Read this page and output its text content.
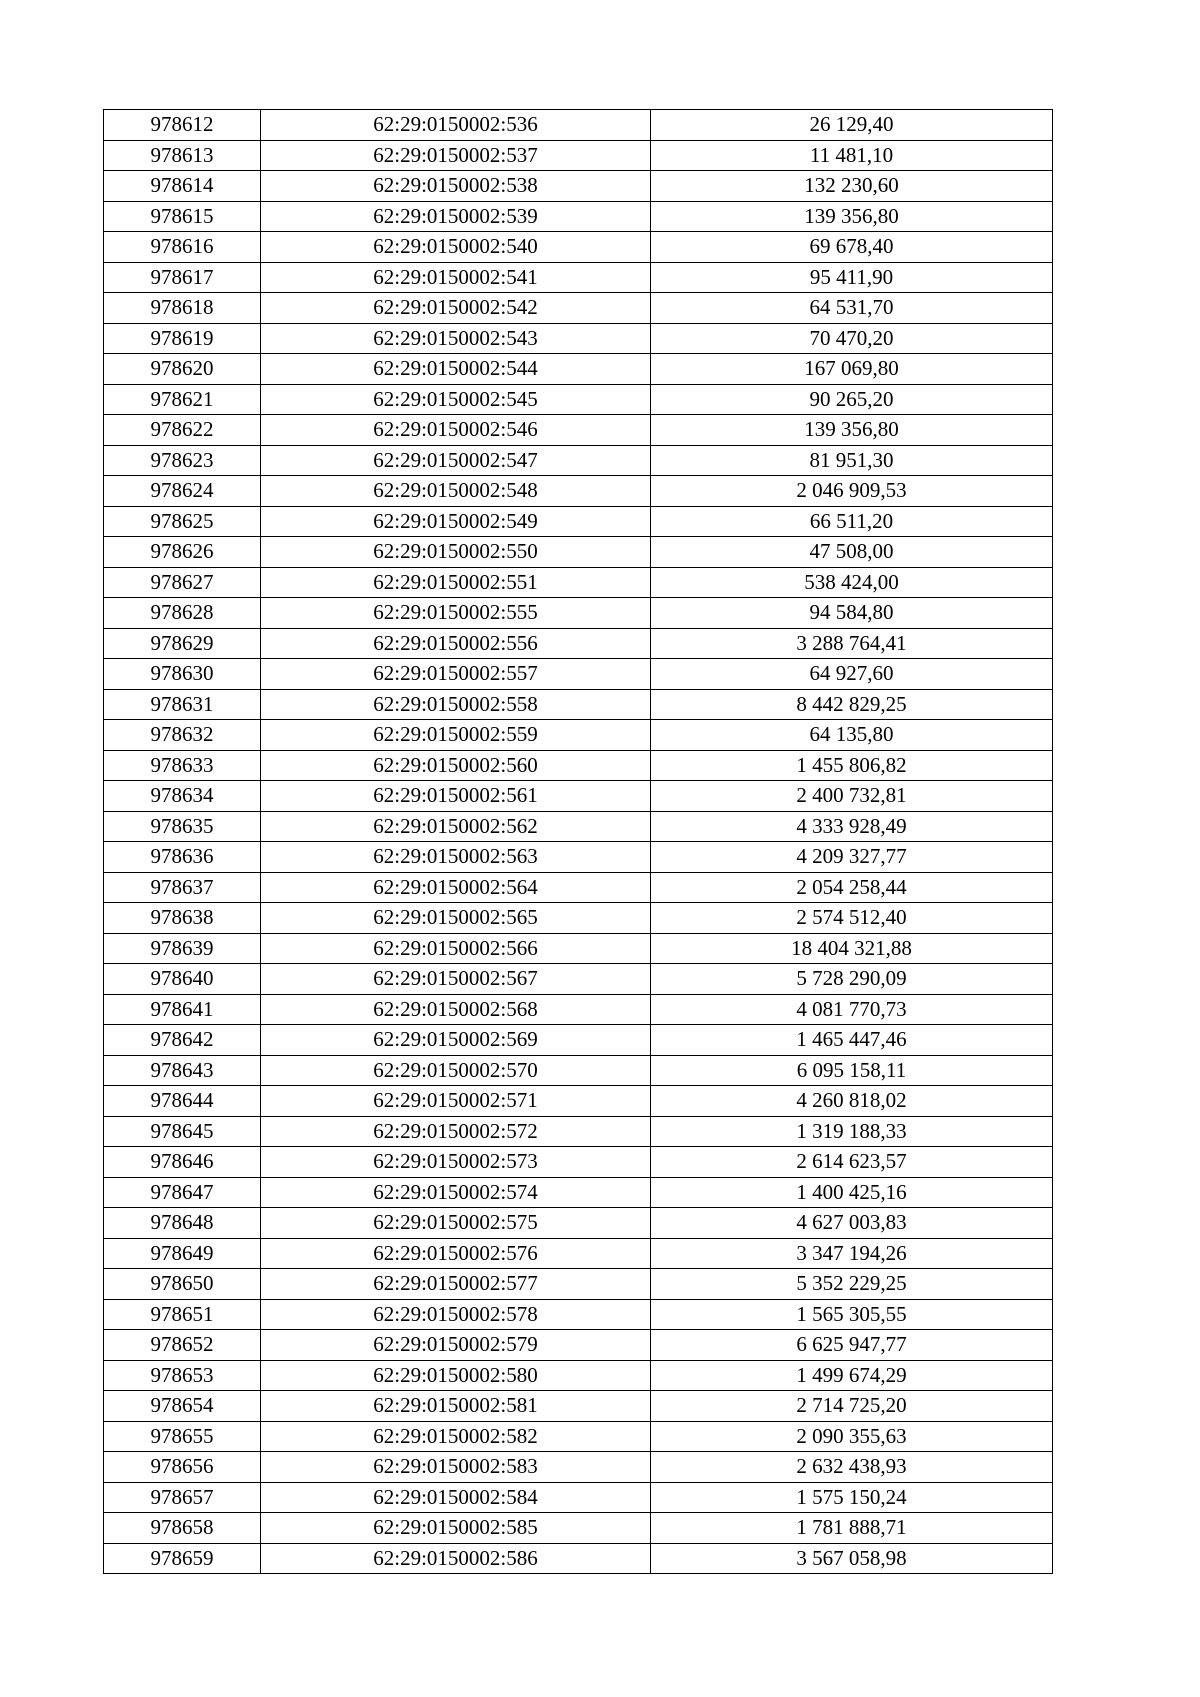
978612	62:29:0150002:536	26 129,40
978613	62:29:0150002:537	11 481,10
978614	62:29:0150002:538	132 230,60
978615	62:29:0150002:539	139 356,80
978616	62:29:0150002:540	69 678,40
978617	62:29:0150002:541	95 411,90
978618	62:29:0150002:542	64 531,70
978619	62:29:0150002:543	70 470,20
978620	62:29:0150002:544	167 069,80
978621	62:29:0150002:545	90 265,20
978622	62:29:0150002:546	139 356,80
978623	62:29:0150002:547	81 951,30
978624	62:29:0150002:548	2 046 909,53
978625	62:29:0150002:549	66 511,20
978626	62:29:0150002:550	47 508,00
978627	62:29:0150002:551	538 424,00
978628	62:29:0150002:555	94 584,80
978629	62:29:0150002:556	3 288 764,41
978630	62:29:0150002:557	64 927,60
978631	62:29:0150002:558	8 442 829,25
978632	62:29:0150002:559	64 135,80
978633	62:29:0150002:560	1 455 806,82
978634	62:29:0150002:561	2 400 732,81
978635	62:29:0150002:562	4 333 928,49
978636	62:29:0150002:563	4 209 327,77
978637	62:29:0150002:564	2 054 258,44
978638	62:29:0150002:565	2 574 512,40
978639	62:29:0150002:566	18 404 321,88
978640	62:29:0150002:567	5 728 290,09
978641	62:29:0150002:568	4 081 770,73
978642	62:29:0150002:569	1 465 447,46
978643	62:29:0150002:570	6 095 158,11
978644	62:29:0150002:571	4 260 818,02
978645	62:29:0150002:572	1 319 188,33
978646	62:29:0150002:573	2 614 623,57
978647	62:29:0150002:574	1 400 425,16
978648	62:29:0150002:575	4 627 003,83
978649	62:29:0150002:576	3 347 194,26
978650	62:29:0150002:577	5 352 229,25
978651	62:29:0150002:578	1 565 305,55
978652	62:29:0150002:579	6 625 947,77
978653	62:29:0150002:580	1 499 674,29
978654	62:29:0150002:581	2 714 725,20
978655	62:29:0150002:582	2 090 355,63
978656	62:29:0150002:583	2 632 438,93
978657	62:29:0150002:584	1 575 150,24
978658	62:29:0150002:585	1 781 888,71
978659	62:29:0150002:586	3 567 058,98
